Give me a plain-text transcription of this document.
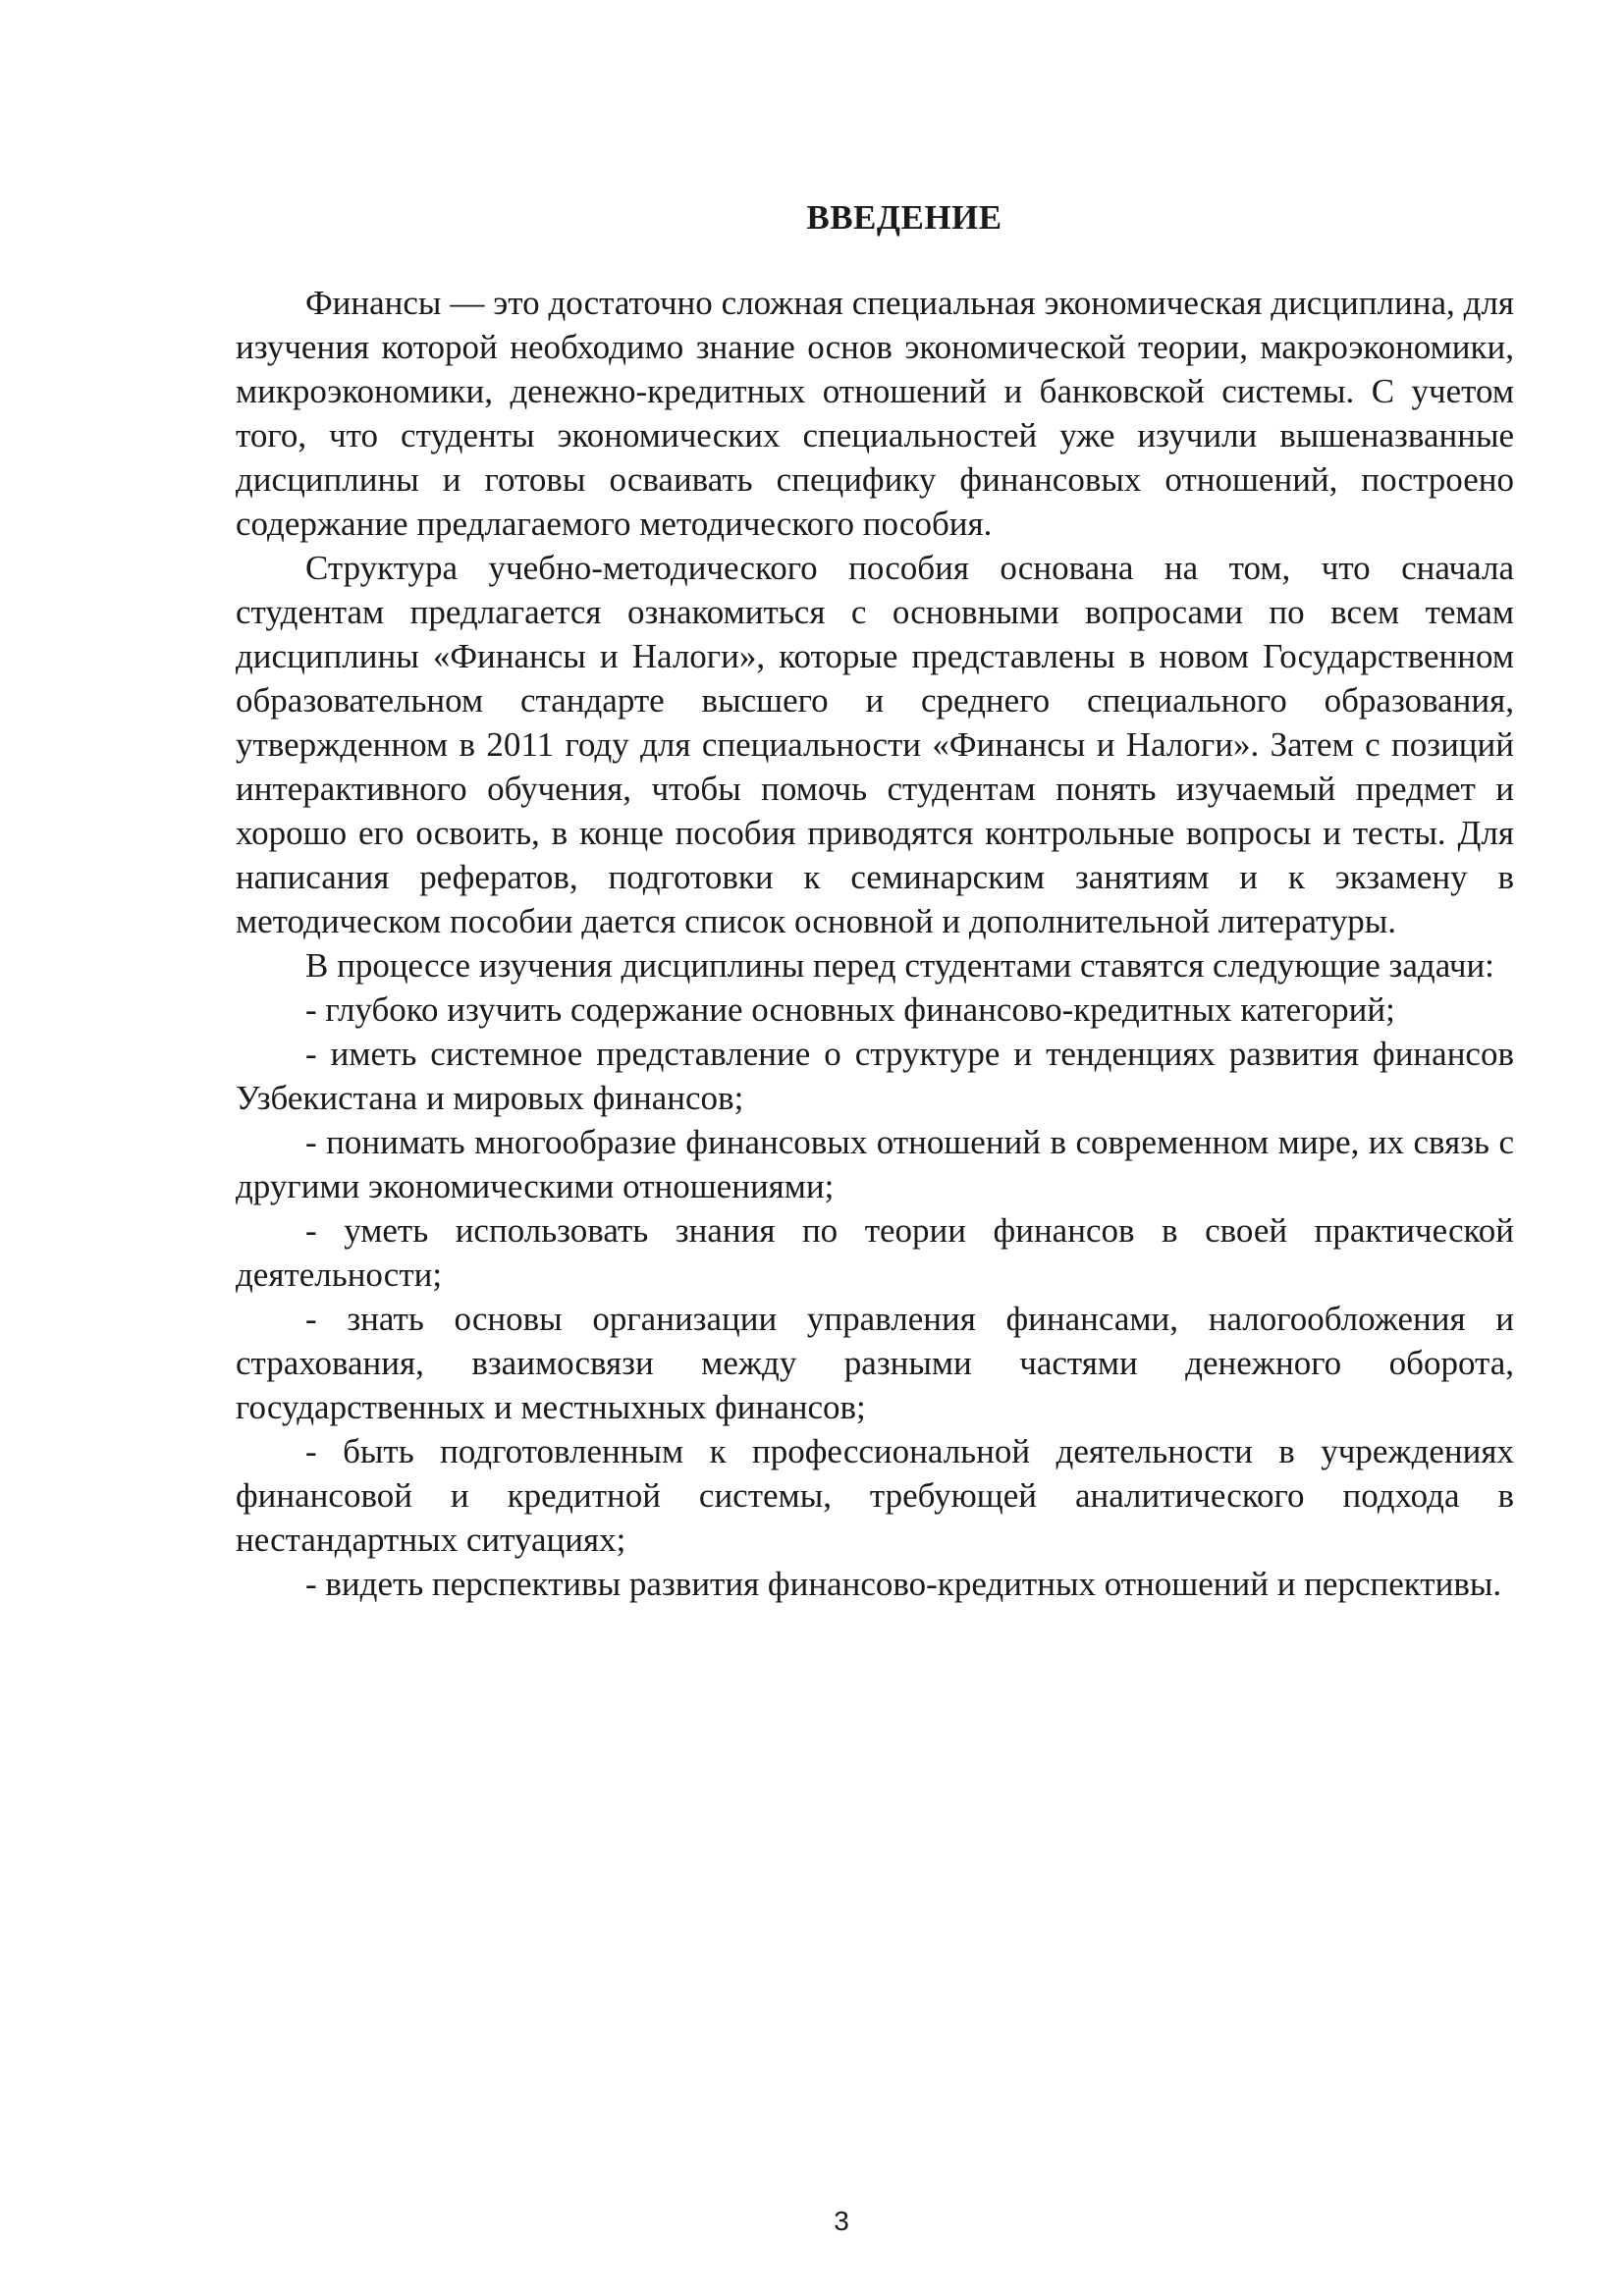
ВВЕДЕНИЕ

Финансы — это достаточно сложная специальная экономическая дисциплина, для изучения которой необходимо знание основ экономической теории, макроэкономики, микроэкономики, денежно-кредитных отношений и банковской системы. С учетом того, что студенты экономических специальностей уже изучили вышеназванные дисциплины и готовы осваивать специфику финансовых отношений, построено содержание предлагаемого методического пособия.

Структура учебно-методического пособия основана на том, что сначала студентам предлагается ознакомиться с основными вопросами по всем темам дисциплины «Финансы и Налоги», которые представлены в новом Государственном образовательном стандарте высшего и среднего специального образования, утвержденном в 2011 году для специальности «Финансы и Налоги». Затем с позиций интерактивного обучения, чтобы помочь студентам понять изучаемый предмет и хорошо его освоить, в конце пособия приводятся контрольные вопросы и тесты. Для написания рефератов, подготовки к семинарским занятиям и к экзамену в методическом пособии дается список основной и дополнительной литературы.

В процессе изучения дисциплины перед студентами ставятся следующие задачи:

- глубоко изучить содержание основных финансово-кредитных категорий;

- иметь системное представление о структуре и тенденциях развития финансов Узбекистана и мировых финансов;

- понимать многообразие финансовых отношений в современном мире, их связь с другими экономическими отношениями;

- уметь использовать знания по теории финансов в своей практической деятельности;

- знать основы организации управления финансами, налогообложения и страхования, взаимосвязи между разными частями денежного оборота, государственных и местныхных финансов;

- быть подготовленным к профессиональной деятельности в учреждениях финансовой и кредитной системы, требующей аналитического подхода в нестандартных ситуациях;

- видеть перспективы развития финансово-кредитных отношений и перспективы.

3
